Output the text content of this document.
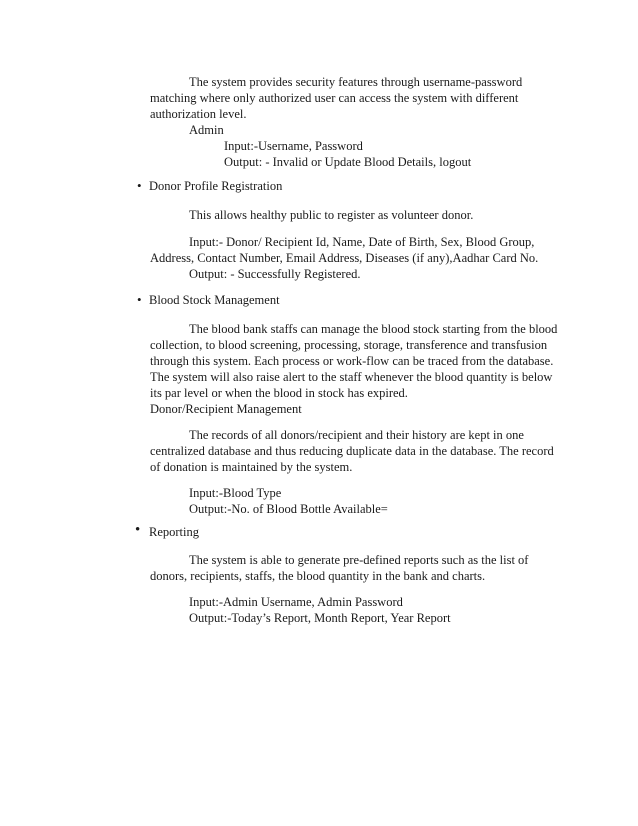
The system provides security features through username-password
matching where only authorized user can access the system with different
authorization level.
Admin
Input:-Username, Password
Output: - Invalid or Update Blood Details, logout
• Donor Profile Registration
This allows healthy public to register as volunteer donor.
Input:- Donor/ Recipient Id, Name, Date of Birth, Sex, Blood Group,
Address, Contact Number, Email Address, Diseases (if any),Aadhar Card No.
Output: - Successfully Registered.
• Blood Stock Management
The blood bank staffs can manage the blood stock starting from the blood
collection, to blood screening, processing, storage, transference and transfusion
through this system. Each process or work-flow can be traced from the database.
The system will also raise alert to the staff whenever the blood quantity is below
its par level or when the blood in stock has expired.
Donor/Recipient Management
The records of all donors/recipient and their history are kept in one
centralized database and thus reducing duplicate data in the database. The record
of donation is maintained by the system.
Input:-Blood Type
Output:-No. of Blood Bottle Available=
• Reporting
The system is able to generate pre-defined reports such as the list of
donors, recipients, staffs, the blood quantity in the bank and charts.
Input:-Admin Username, Admin Password
Output:-Today’s Report, Month Report, Year Report
